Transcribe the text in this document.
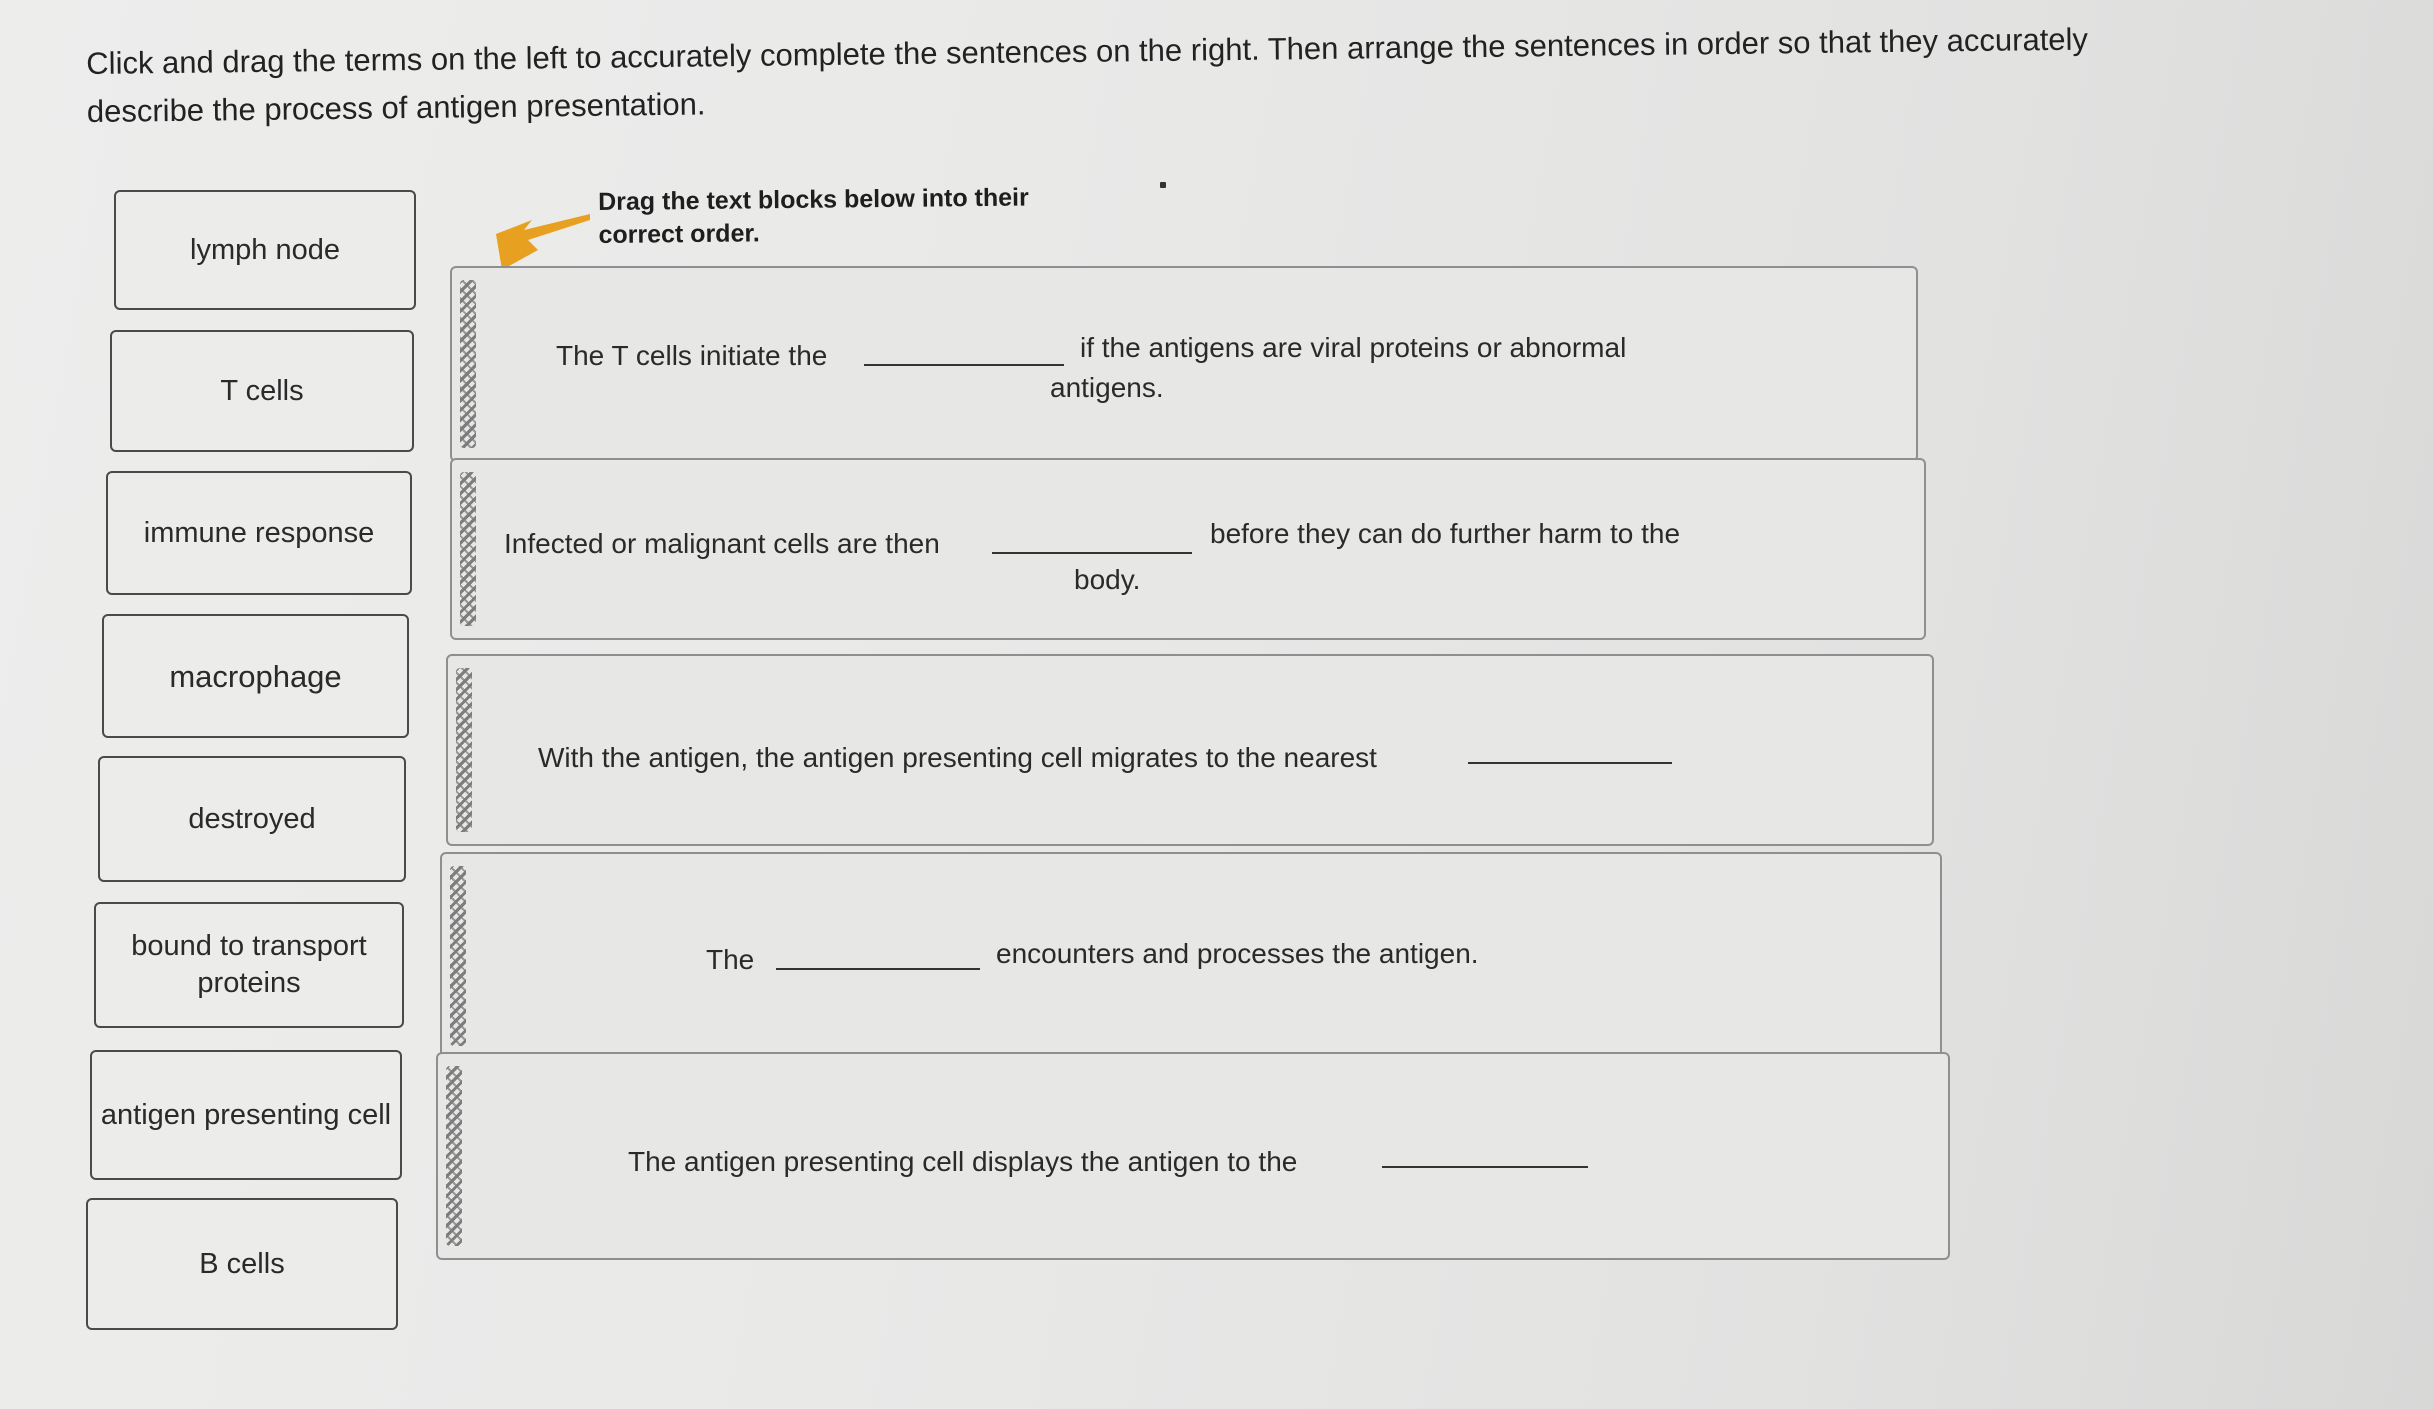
Click and drag the terms on the left to accurately complete the sentences on the right. Then arrange the sentences in order so that they accurately describe the process of antigen presentation.
lymph node
T cells
immune response
macrophage
destroyed
bound to transport proteins
antigen presenting cell
B cells
Drag the text blocks below into their correct order.
The T cells initiate the	if the antigens are viral proteins or abnormal
antigens.
Infected or malignant cells are then	before they can do further harm to the
body.
With the antigen, the antigen presenting cell migrates to the nearest
The	encounters and processes the antigen.
The antigen presenting cell displays the antigen to the
